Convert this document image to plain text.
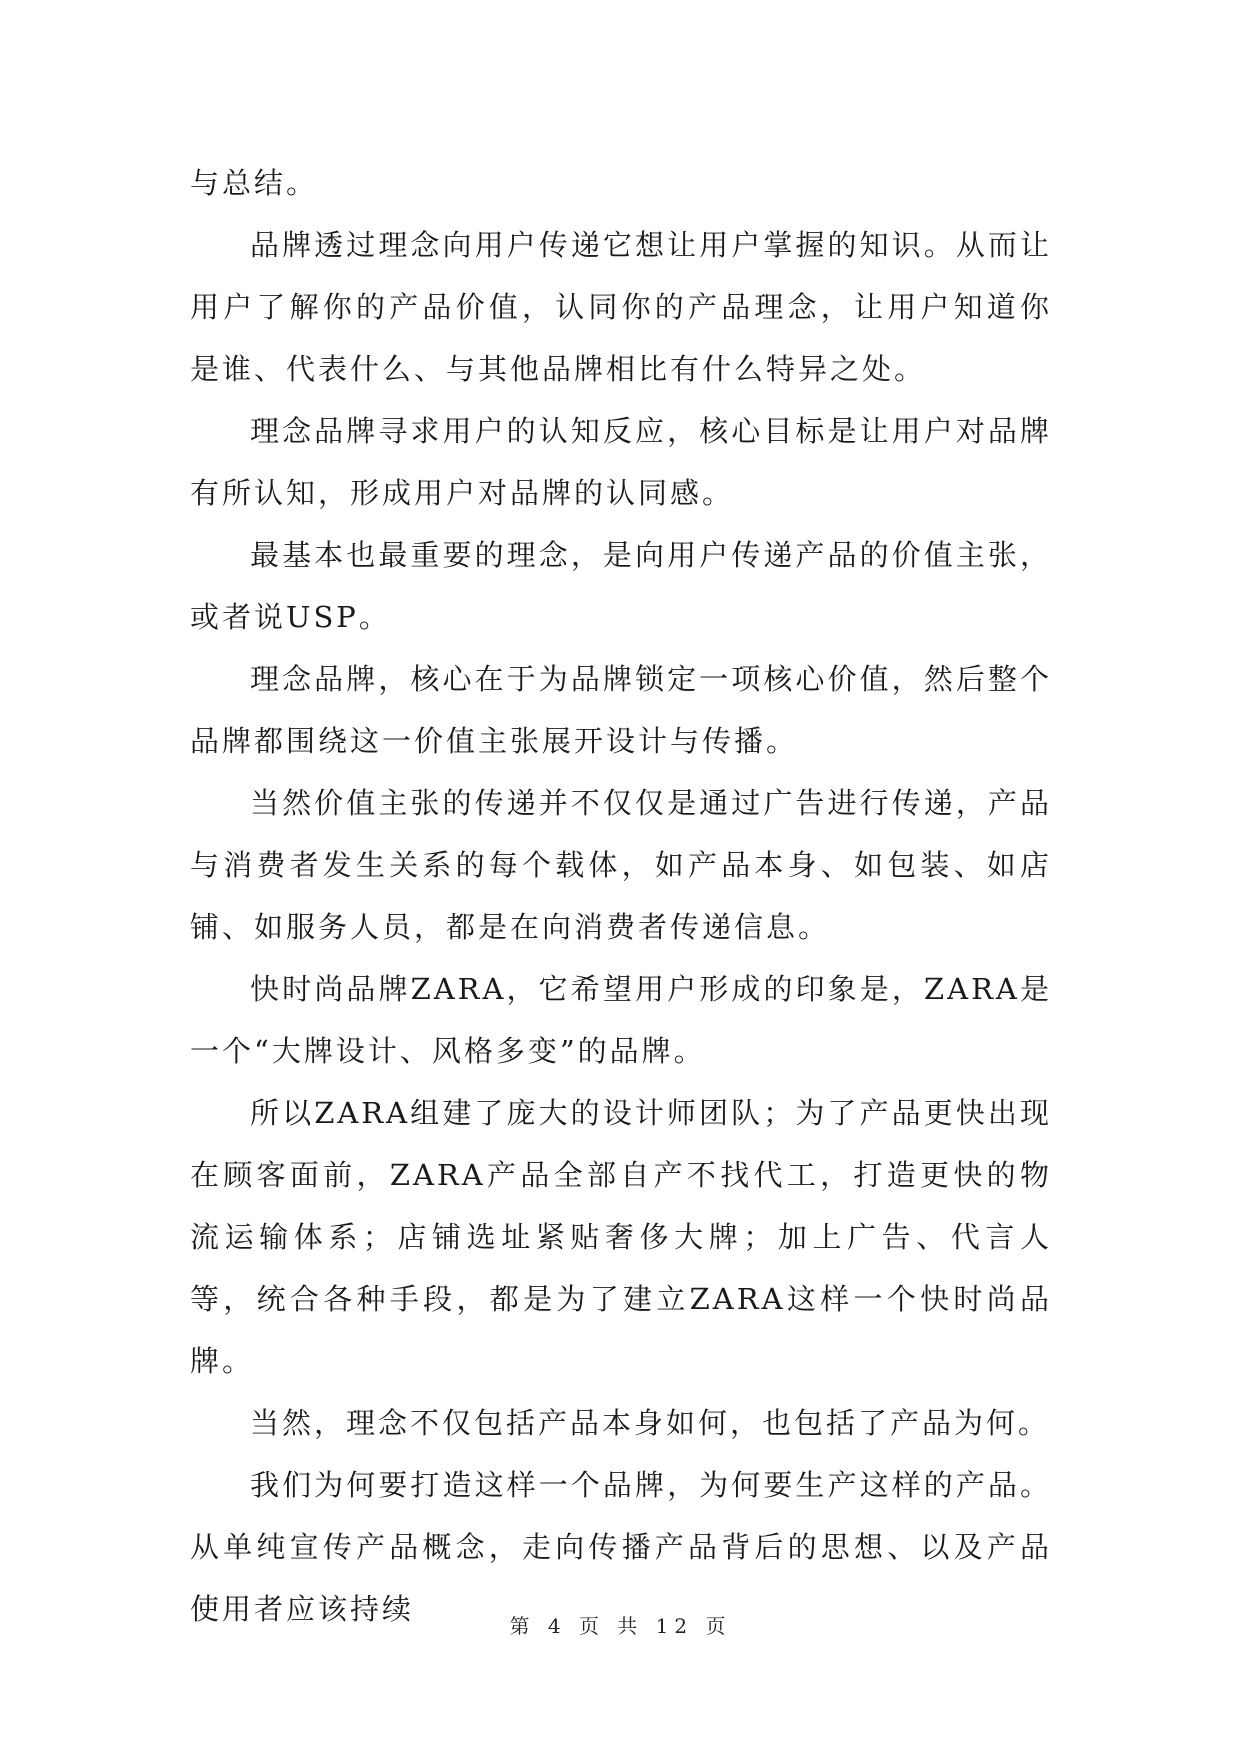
与总结。

品牌透过理念向用户传递它想让用户掌握的知识。从而让用户了解你的产品价值，认同你的产品理念，让用户知道你是谁、代表什么、与其他品牌相比有什么特异之处。

理念品牌寻求用户的认知反应，核心目标是让用户对品牌有所认知，形成用户对品牌的认同感。

最基本也最重要的理念，是向用户传递产品的价值主张，或者说USP。

理念品牌，核心在于为品牌锁定一项核心价值，然后整个品牌都围绕这一价值主张展开设计与传播。

当然价值主张的传递并不仅仅是通过广告进行传递，产品与消费者发生关系的每个载体，如产品本身、如包装、如店铺、如服务人员，都是在向消费者传递信息。

快时尚品牌ZARA，它希望用户形成的印象是，ZARA是一个“大牌设计、风格多变”的品牌。

所以ZARA组建了庞大的设计师团队；为了产品更快出现在顾客面前，ZARA产品全部自产不找代工，打造更快的物流运输体系；店铺选址紧贴奢侈大牌；加上广告、代言人等，统合各种手段，都是为了建立ZARA这样一个快时尚品牌。

当然，理念不仅包括产品本身如何，也包括了产品为何。

我们为何要打造这样一个品牌，为何要生产这样的产品。从单纯宣传产品概念，走向传播产品背后的思想、以及产品使用者应该持续	第 4 页 共 12 页
